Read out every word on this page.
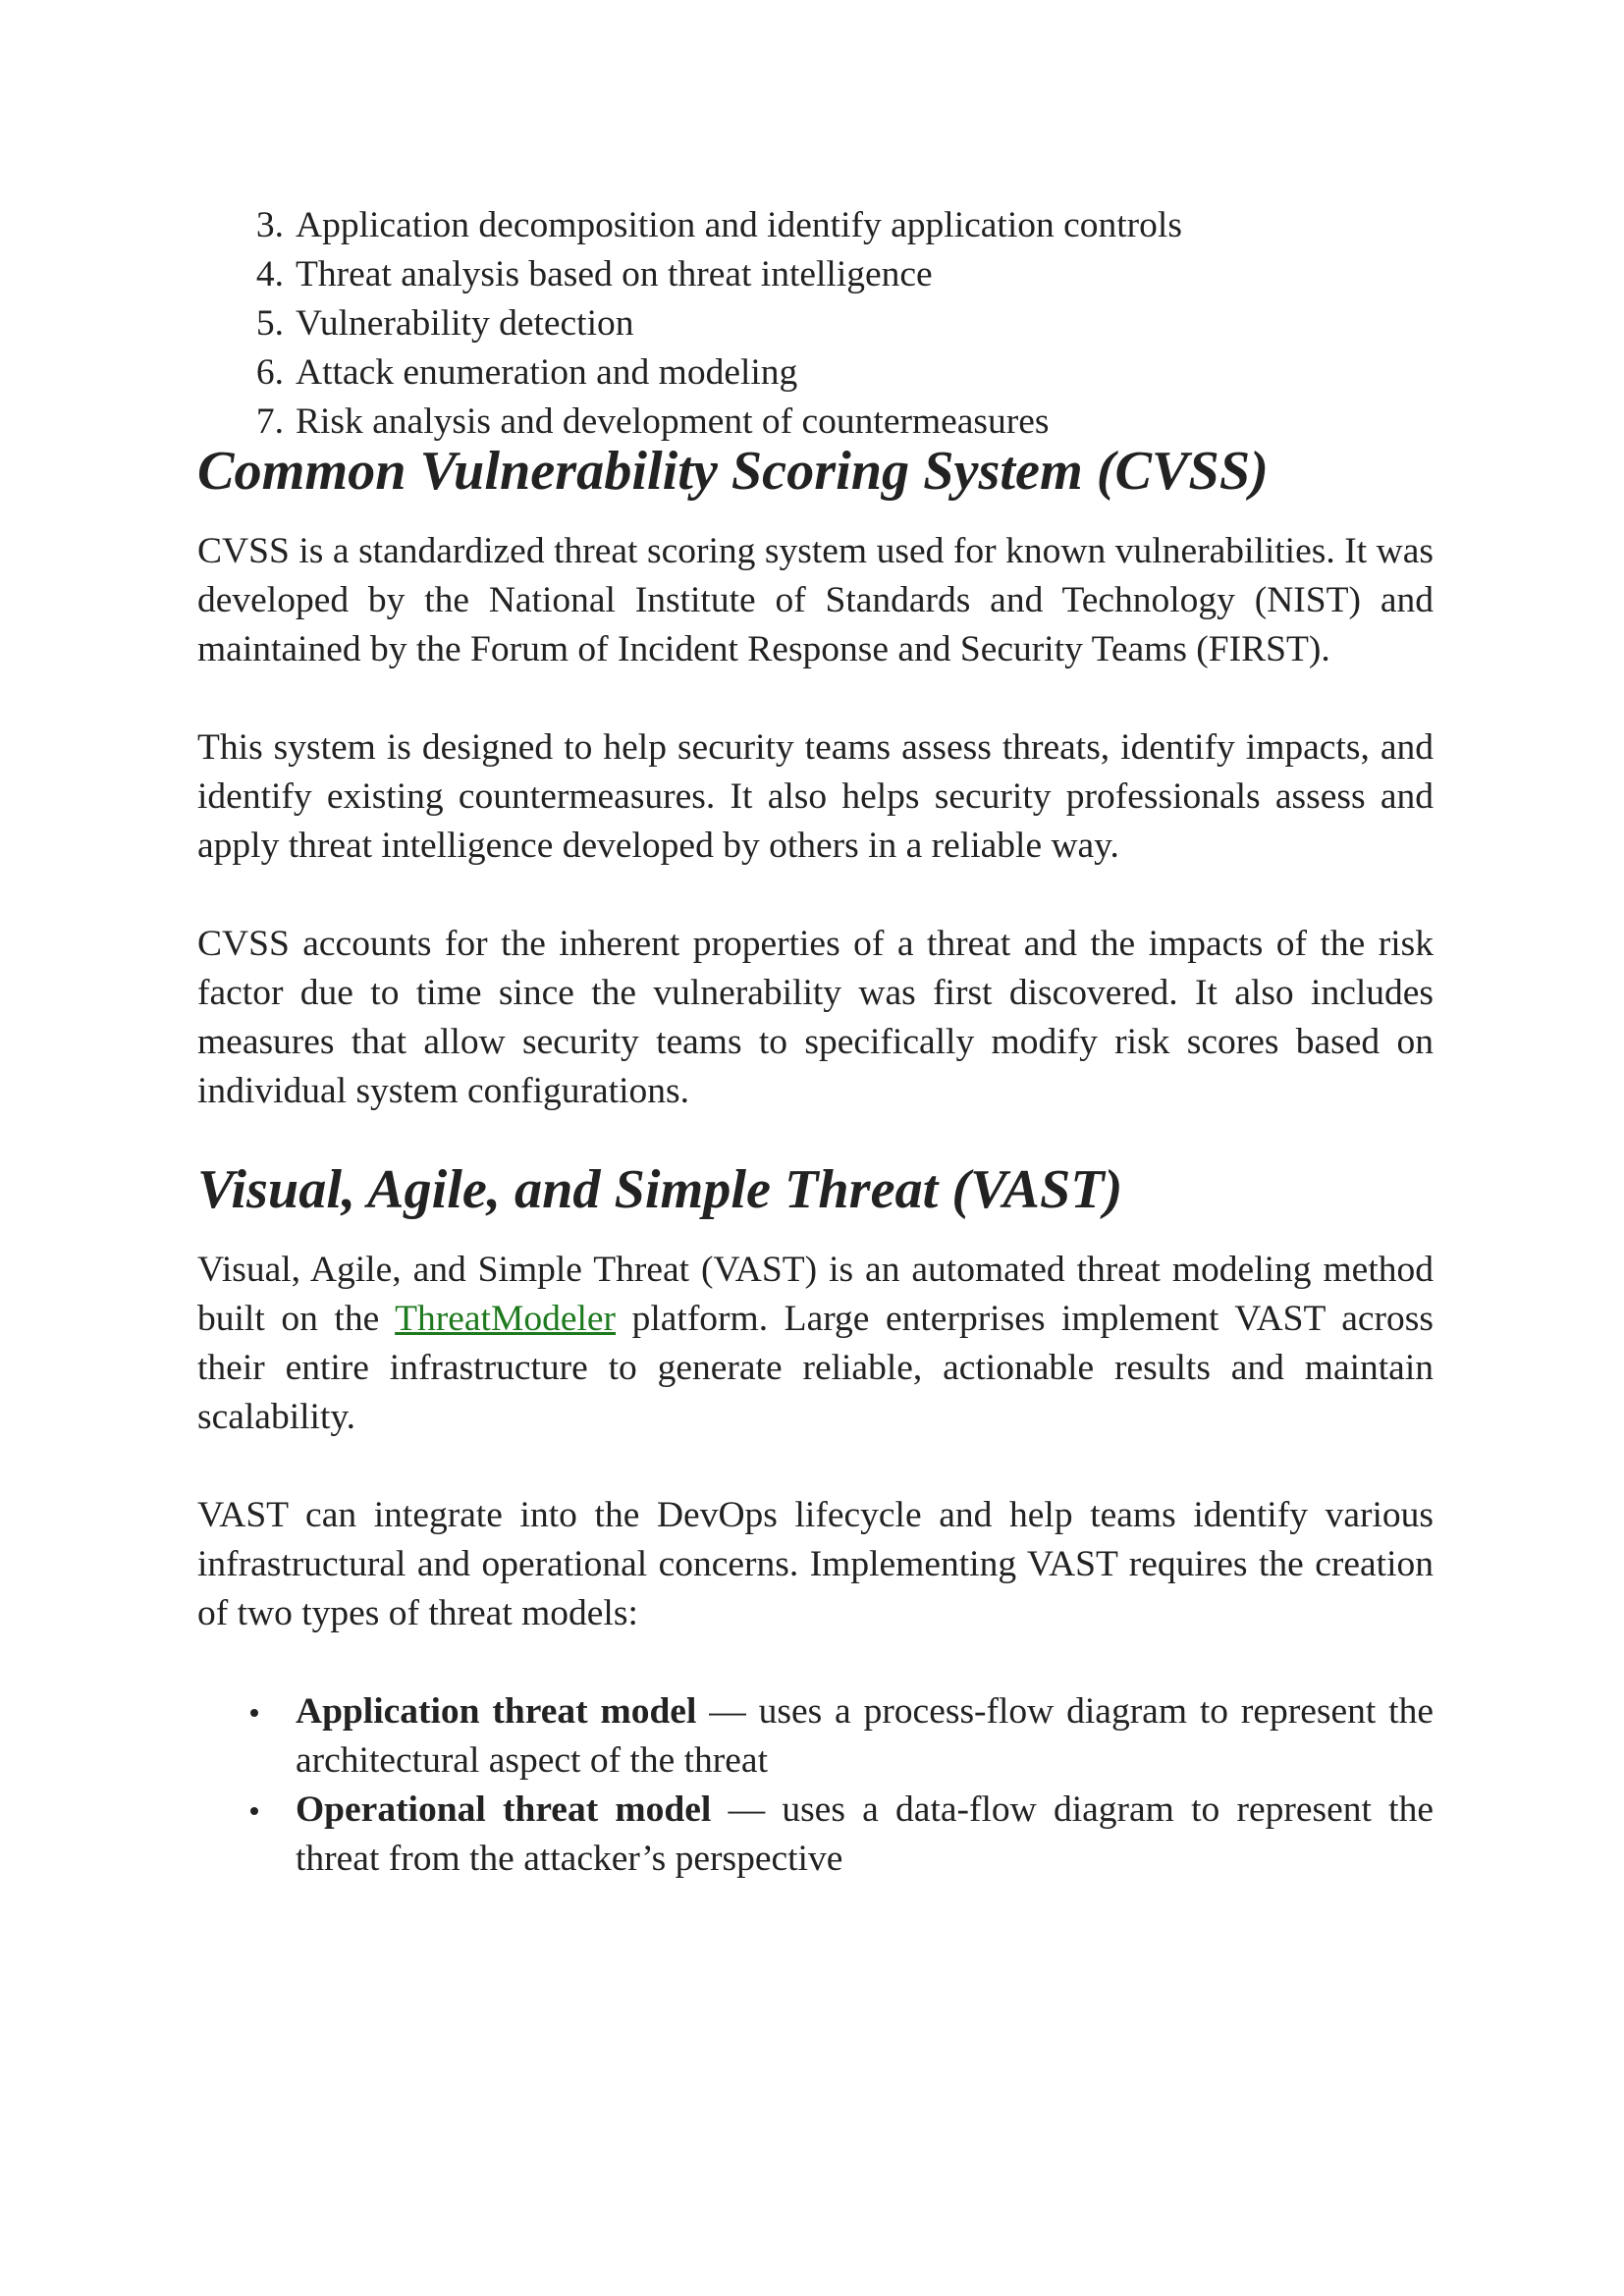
3. Application decomposition and identify application controls
4. Threat analysis based on threat intelligence
5. Vulnerability detection
6. Attack enumeration and modeling
7. Risk analysis and development of countermeasures
Common Vulnerability Scoring System (CVSS)

CVSS is a standardized threat scoring system used for known vulnerabilities. It was developed by the National Institute of Standards and Technology (NIST) and maintained by the Forum of Incident Response and Security Teams (FIRST).

This system is designed to help security teams assess threats, identify impacts, and identify existing countermeasures. It also helps security professionals assess and apply threat intelligence developed by others in a reliable way.

CVSS accounts for the inherent properties of a threat and the impacts of the risk factor due to time since the vulnerability was first discovered. It also includes measures that allow security teams to specifically modify risk scores based on individual system configurations.

Visual, Agile, and Simple Threat (VAST)

Visual, Agile, and Simple Threat (VAST) is an automated threat modeling method built on the ThreatModeler platform. Large enterprises implement VAST across their entire infrastructure to generate reliable, actionable results and maintain scalability.

VAST can integrate into the DevOps lifecycle and help teams identify various infrastructural and operational concerns. Implementing VAST requires the creation of two types of threat models:

Application threat model — uses a process-flow diagram to represent the architectural aspect of the threat
Operational threat model — uses a data-flow diagram to represent the threat from the attacker’s perspective
